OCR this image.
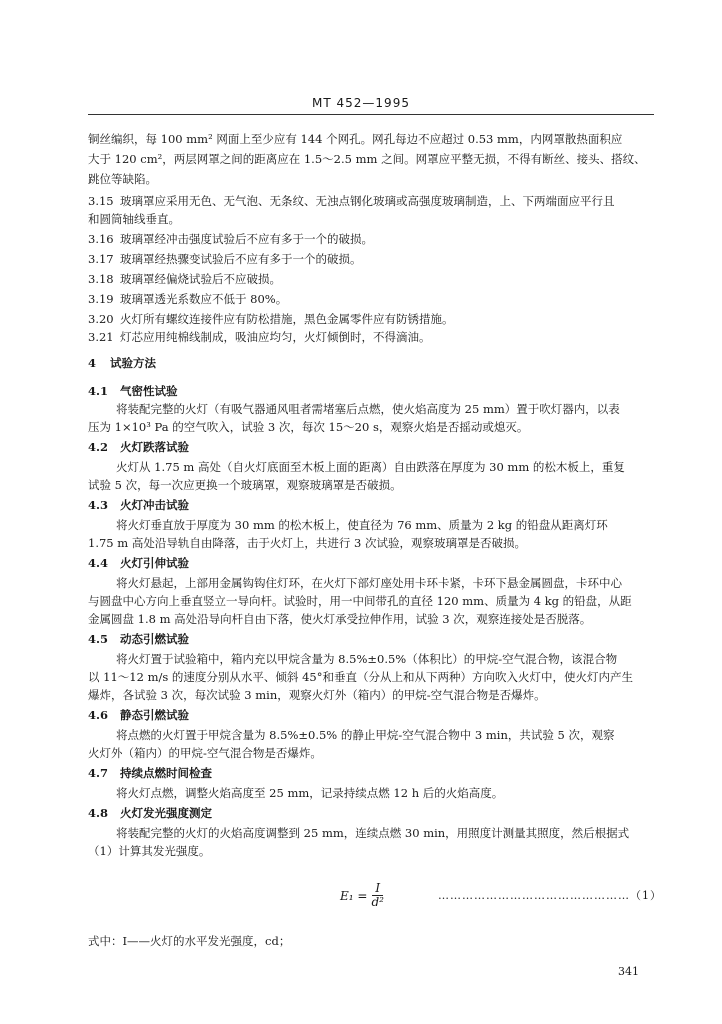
MT 452—1995
铜丝编织，每 100 mm² 网面上至少应有 144 个网孔。网孔每边不应超过 0.53 mm，内网罩散热面积应
大于 120 cm²，两层网罩之间的距离应在 1.5～2.5 mm 之间。网罩应平整无损，不得有断丝、接头、搭纹、
跳位等缺陷。
3.15 玻璃罩应采用无色、无气泡、无条纹、无浊点钢化玻璃或高强度玻璃制造，上、下两端面应平行且
和圆筒轴线垂直。
3.16 玻璃罩经冲击强度试验后不应有多于一个的破损。
3.17 玻璃罩经热骤变试验后不应有多于一个的破损。
3.18 玻璃罩经偏烧试验后不应破损。
3.19 玻璃罩透光系数应不低于 80%。
3.20 火灯所有螺纹连接件应有防松措施，黑色金属零件应有防锈措施。
3.21 灯芯应用纯棉线制成，吸油应均匀，火灯倾倒时，不得滴油。
4 试验方法
4.1 气密性试验
将装配完整的火灯（有吸气器通风咀者需堵塞后点燃，使火焰高度为 25 mm）置于吹灯器内，以表
压为 1×10³ Pa 的空气吹入，试验 3 次，每次 15～20 s，观察火焰是否摇动或熄灭。
4.2 火灯跌落试验
火灯从 1.75 m 高处（自火灯底面至木板上面的距离）自由跌落在厚度为 30 mm 的松木板上，重复
试验 5 次，每一次应更换一个玻璃罩，观察玻璃罩是否破损。
4.3 火灯冲击试验
将火灯垂直放于厚度为 30 mm 的松木板上，使直径为 76 mm、质量为 2 kg 的铅盘从距离灯环
1.75 m 高处沿导轨自由降落，击于火灯上，共进行 3 次试验，观察玻璃罩是否破损。
4.4 火灯引伸试验
将火灯悬起，上部用金属钩钩住灯环，在火灯下部灯座处用卡环卡紧，卡环下悬金属圆盘，卡环中心
与圆盘中心方向上垂直竖立一导向杆。试验时，用一中间带孔的直径 120 mm、质量为 4 kg 的铅盘，从距
金属圆盘 1.8 m 高处沿导向杆自由下落，使火灯承受拉伸作用，试验 3 次，观察连接处是否脱落。
4.5 动态引燃试验
将火灯置于试验箱中，箱内充以甲烷含量为 8.5%±0.5%（体积比）的甲烷-空气混合物，该混合物
以 11～12 m/s 的速度分别从水平、倾斜 45°和垂直（分从上和从下两种）方向吹入火灯中，使火灯内产生
爆炸，各试验 3 次，每次试验 3 min，观察火灯外（箱内）的甲烷-空气混合物是否爆炸。
4.6 静态引燃试验
将点燃的火灯置于甲烷含量为 8.5%±0.5% 的静止甲烷-空气混合物中 3 min，共试验 5 次，观察
火灯外（箱内）的甲烷-空气混合物是否爆炸。
4.7 持续点燃时间检查
将火灯点燃，调整火焰高度至 25 mm，记录持续点燃 12 h 后的火焰高度。
4.8 火灯发光强度测定
将装配完整的火灯的火焰高度调整到 25 mm，连续点燃 30 min，用照度计测量其照度，然后根据式
（1）计算其发光强度。
$E_1 = \frac{I}{\text{d²}}$	…………………………………………（1）
式中：I——火灯的水平发光强度，cd；
341
